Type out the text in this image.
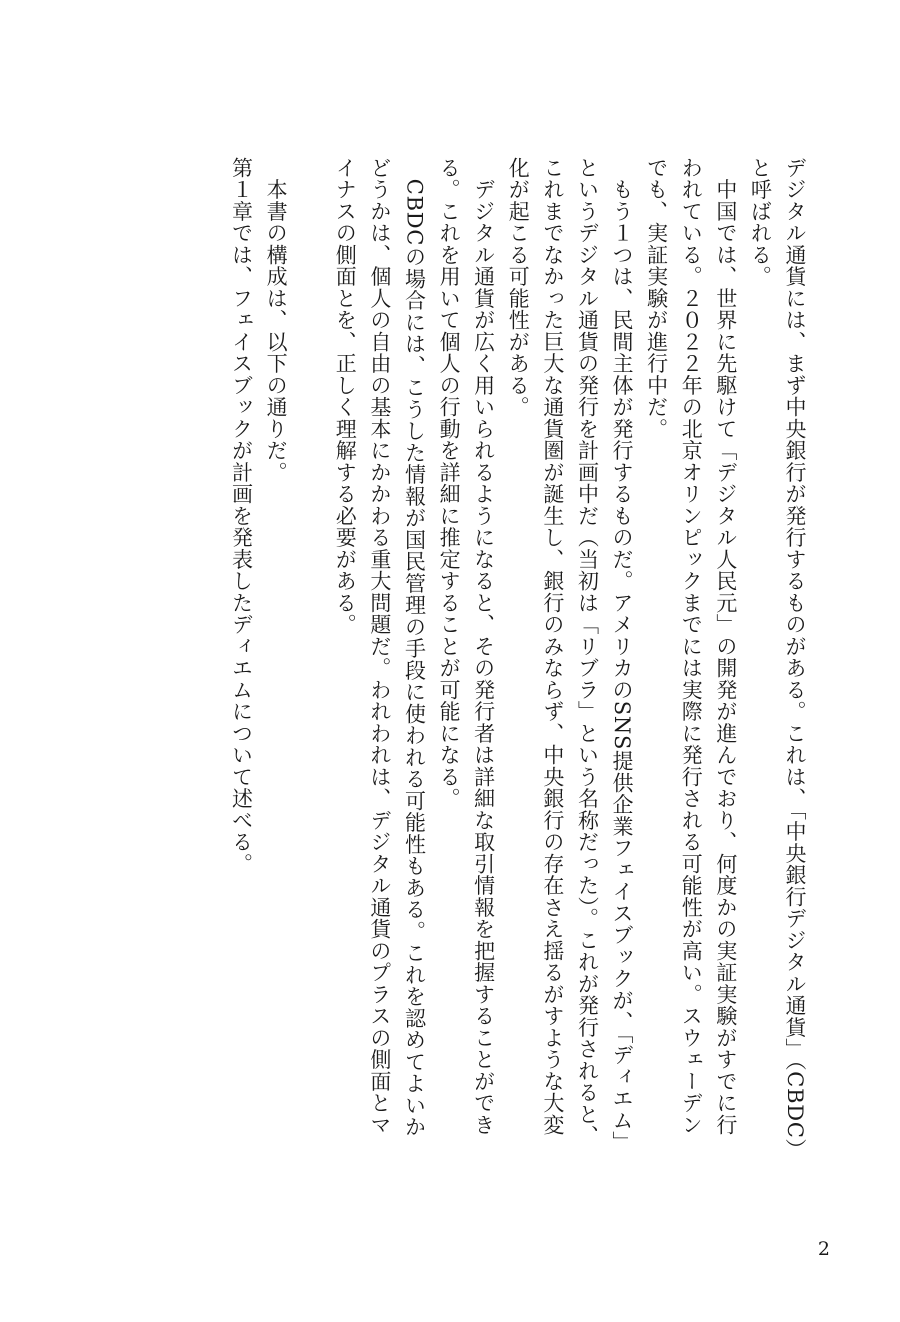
デジタル通貨には、まず中央銀行が発行するものがある。これは、「中央銀行デジタル通貨」（CBDC）と呼ばれる。

　中国では、世界に先駆けて「デジタル人民元」の開発が進んでおり、何度かの実証実験がすでに行われている。２０２２年の北京オリンピックまでには実際に発行される可能性が高い。スウェーデンでも、実証実験が進行中だ。

　もう１つは、民間主体が発行するものだ。アメリカのSNS提供企業フェイスブックが、「ディエム」というデジタル通貨の発行を計画中だ（当初は「リブラ」という名称だった）。これが発行されると、これまでなかった巨大な通貨圏が誕生し、銀行のみならず、中央銀行の存在さえ揺るがすような大変化が起こる可能性がある。

　デジタル通貨が広く用いられるようになると、その発行者は詳細な取引情報を把握することができる。これを用いて個人の行動を詳細に推定することが可能になる。

　CBDCの場合には、こうした情報が国民管理の手段に使われる可能性もある。これを認めてよいかどうかは、個人の自由の基本にかかわる重大問題だ。われわれは、デジタル通貨のプラスの側面とマイナスの側面とを、正しく理解する必要がある。

　本書の構成は、以下の通りだ。

第１章では、フェイスブックが計画を発表したディエムについて述べる。

2
